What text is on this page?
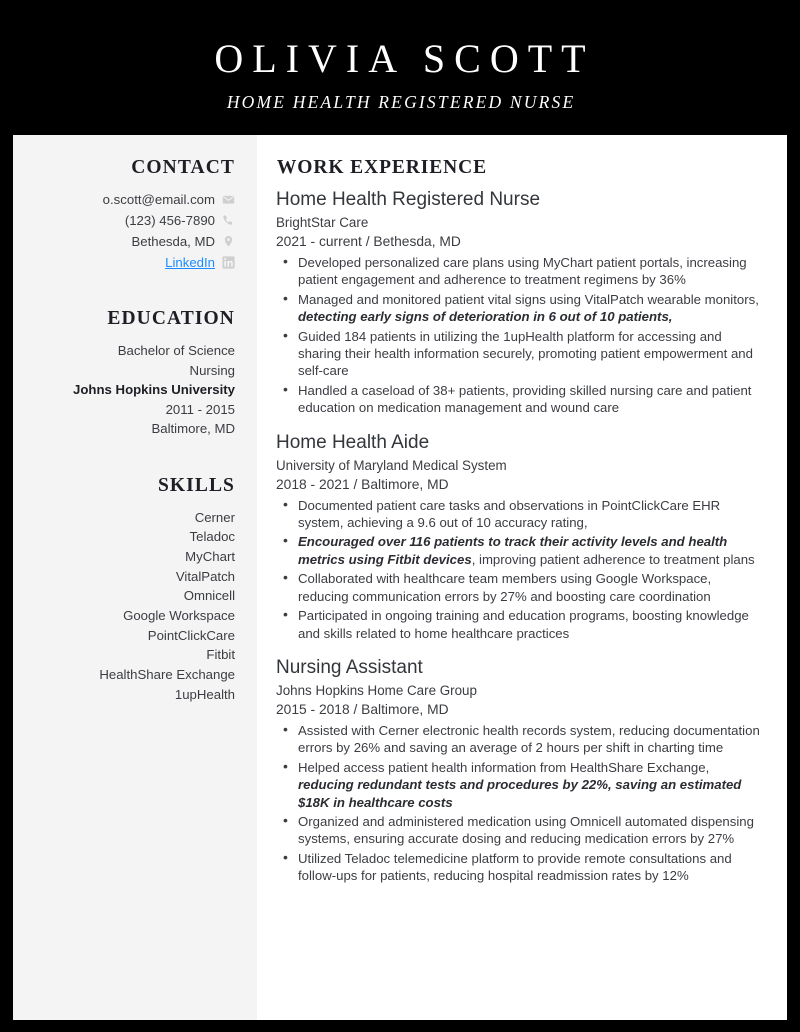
OLIVIA SCOTT
HOME HEALTH REGISTERED NURSE
CONTACT
o.scott@email.com
(123) 456-7890
Bethesda, MD
LinkedIn
EDUCATION
Bachelor of Science
Nursing
Johns Hopkins University
2011 - 2015
Baltimore, MD
SKILLS
Cerner
Teladoc
MyChart
VitalPatch
Omnicell
Google Workspace
PointClickCare
Fitbit
HealthShare Exchange
1upHealth
WORK EXPERIENCE
Home Health Registered Nurse
BrightStar Care
2021 - current / Bethesda, MD
• Developed personalized care plans using MyChart patient portals, increasing patient engagement and adherence to treatment regimens by 36%
• Managed and monitored patient vital signs using VitalPatch wearable monitors, detecting early signs of deterioration in 6 out of 10 patients,
• Guided 184 patients in utilizing the 1upHealth platform for accessing and sharing their health information securely, promoting patient empowerment and self-care
• Handled a caseload of 38+ patients, providing skilled nursing care and patient education on medication management and wound care
Home Health Aide
University of Maryland Medical System
2018 - 2021 / Baltimore, MD
• Documented patient care tasks and observations in PointClickCare EHR system, achieving a 9.6 out of 10 accuracy rating,
• Encouraged over 116 patients to track their activity levels and health metrics using Fitbit devices, improving patient adherence to treatment plans
• Collaborated with healthcare team members using Google Workspace, reducing communication errors by 27% and boosting care coordination
• Participated in ongoing training and education programs, boosting knowledge and skills related to home healthcare practices
Nursing Assistant
Johns Hopkins Home Care Group
2015 - 2018 / Baltimore, MD
• Assisted with Cerner electronic health records system, reducing documentation errors by 26% and saving an average of 2 hours per shift in charting time
• Helped access patient health information from HealthShare Exchange, reducing redundant tests and procedures by 22%, saving an estimated $18K in healthcare costs
• Organized and administered medication using Omnicell automated dispensing systems, ensuring accurate dosing and reducing medication errors by 27%
• Utilized Teladoc telemedicine platform to provide remote consultations and follow-ups for patients, reducing hospital readmission rates by 12%
